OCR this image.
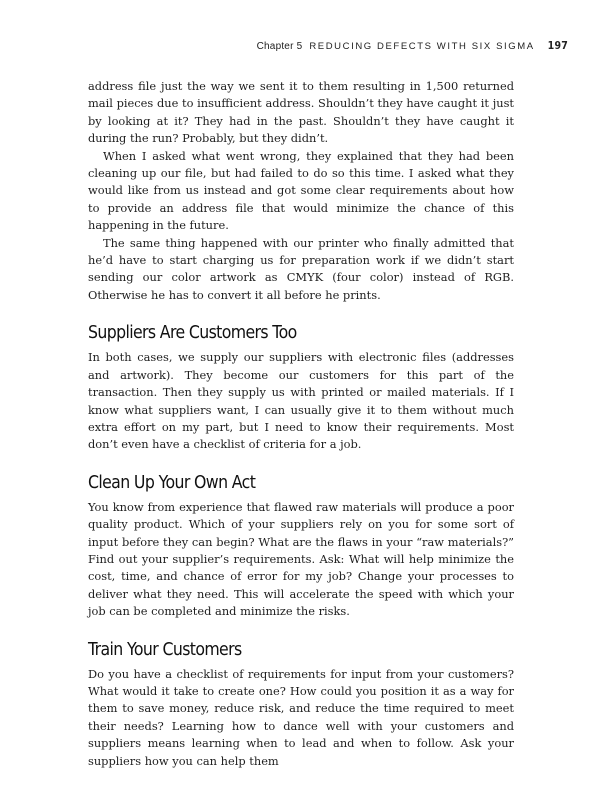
Chapter 5 REDUCING DEFECTS WITH SIX SIGMA 197

address file just the way we sent it to them resulting in 1,500 returned mail pieces due to insufficient address. Shouldn’t they have caught it just by looking at it? They had in the past. Shouldn’t they have caught it during the run? Probably, but they didn’t.

When I asked what went wrong, they explained that they had been cleaning up our file, but had failed to do so this time. I asked what they would like from us instead and got some clear requirements about how to provide an address file that would minimize the chance of this happening in the future.

The same thing happened with our printer who finally admitted that he’d have to start charging us for preparation work if we didn’t start sending our color artwork as CMYK (four color) instead of RGB. Otherwise he has to convert it all before he prints.

Suppliers Are Customers Too

In both cases, we supply our suppliers with electronic files (addresses and artwork). They become our customers for this part of the transaction. Then they supply us with printed or mailed materials. If I know what suppliers want, I can usually give it to them without much extra effort on my part, but I need to know their requirements. Most don’t even have a checklist of criteria for a job.

Clean Up Your Own Act

You know from experience that flawed raw materials will produce a poor quality product. Which of your suppliers rely on you for some sort of input before they can begin? What are the flaws in your “raw materials?” Find out your supplier’s requirements. Ask: What will help minimize the cost, time, and chance of error for my job? Change your processes to deliver what they need. This will accelerate the speed with which your job can be completed and minimize the risks.

Train Your Customers

Do you have a checklist of requirements for input from your customers? What would it take to create one? How could you position it as a way for them to save money, reduce risk, and reduce the time required to meet their needs? Learning how to dance well with your customers and suppliers means learning when to lead and when to follow. Ask your suppliers how you can help them
